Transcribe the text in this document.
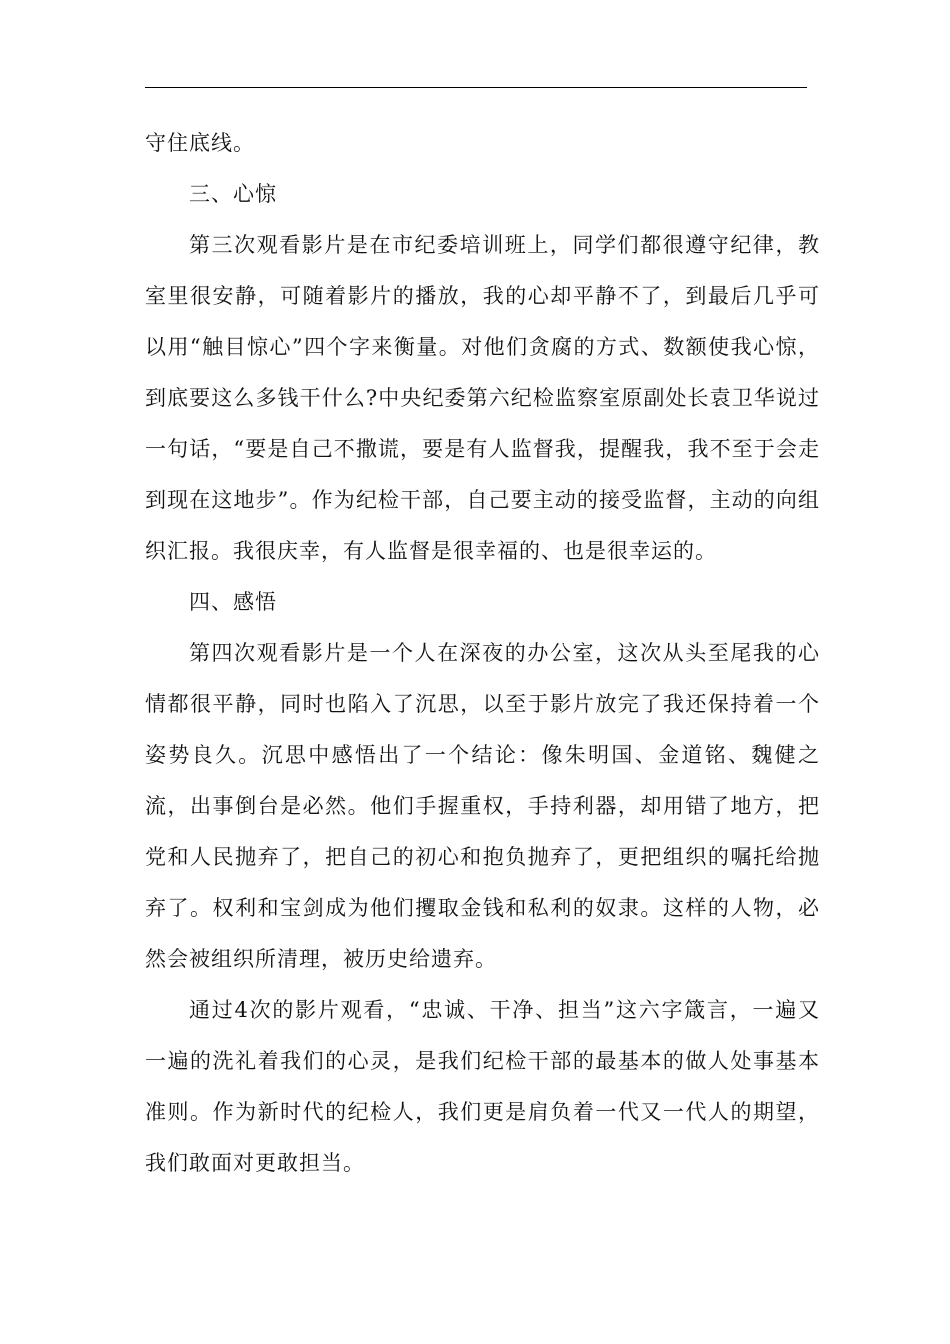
守住底线。

三、心惊

第三次观看影片是在市纪委培训班上，同学们都很遵守纪律，教室里很安静，可随着影片的播放，我的心却平静不了，到最后几乎可以用“触目惊心”四个字来衡量。对他们贪腐的方式、数额使我心惊，到底要这么多钱干什么?中央纪委第六纪检监察室原副处长袁卫华说过一句话，“要是自己不撒谎，要是有人监督我，提醒我，我不至于会走到现在这地步”。作为纪检干部，自己要主动的接受监督，主动的向组织汇报。我很庆幸，有人监督是很幸福的、也是很幸运的。

四、感悟

第四次观看影片是一个人在深夜的办公室，这次从头至尾我的心情都很平静，同时也陷入了沉思，以至于影片放完了我还保持着一个姿势良久。沉思中感悟出了一个结论：像朱明国、金道铭、魏健之流，出事倒台是必然。他们手握重权，手持利器，却用错了地方，把党和人民抛弃了，把自己的初心和抱负抛弃了，更把组织的嘱托给抛弃了。权利和宝剑成为他们攫取金钱和私利的奴隶。这样的人物，必然会被组织所清理，被历史给遗弃。

通过4次的影片观看，“忠诚、干净、担当”这六字箴言，一遍又一遍的洗礼着我们的心灵，是我们纪检干部的最基本的做人处事基本准则。作为新时代的纪检人，我们更是肩负着一代又一代人的期望，我们敢面对更敢担当。
